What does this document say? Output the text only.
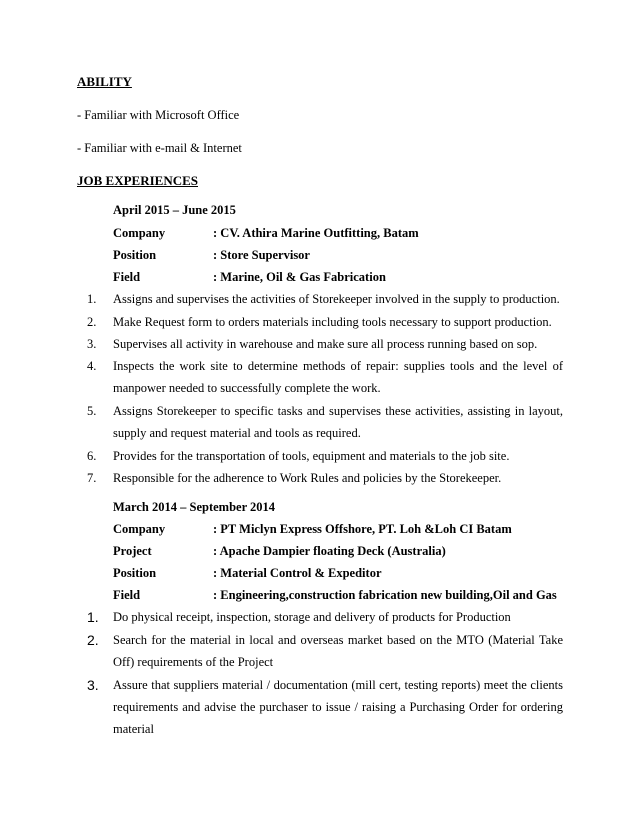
ABILITY
- Familiar with Microsoft Office
- Familiar with e-mail & Internet
JOB EXPERIENCES
April 2015 – June 2015
Company	: CV. Athira Marine Outfitting, Batam
Position	: Store Supervisor
Field	: Marine, Oil & Gas Fabrication
1.	Assigns and supervises the activities of Storekeeper involved in the supply to production.
2.	Make Request form to orders materials including tools necessary to support production.
3.	Supervises all activity in warehouse and make sure all process running based on sop.
4.	Inspects the work site to determine methods of repair: supplies tools and the level of manpower needed to successfully complete the work.
5.	Assigns Storekeeper to specific tasks and supervises these activities, assisting in layout, supply and request material and tools as required.
6.	Provides for the transportation of tools, equipment and materials to the job site.
7.	Responsible for the adherence to Work Rules and policies by the Storekeeper.
March 2014 – September 2014
Company	: PT Miclyn Express Offshore, PT. Loh &Loh CI Batam
Project	: Apache Dampier floating Deck (Australia)
Position	: Material Control & Expeditor
Field	: Engineering,construction fabrication new building,Oil and Gas
1.	Do physical receipt, inspection, storage and delivery of products for Production
2.	Search for the material in local and overseas market based on the MTO (Material Take Off) requirements of the Project
3.	Assure that suppliers material / documentation (mill cert, testing reports) meet the clients requirements and advise the purchaser to issue / raising a Purchasing Order for ordering material
